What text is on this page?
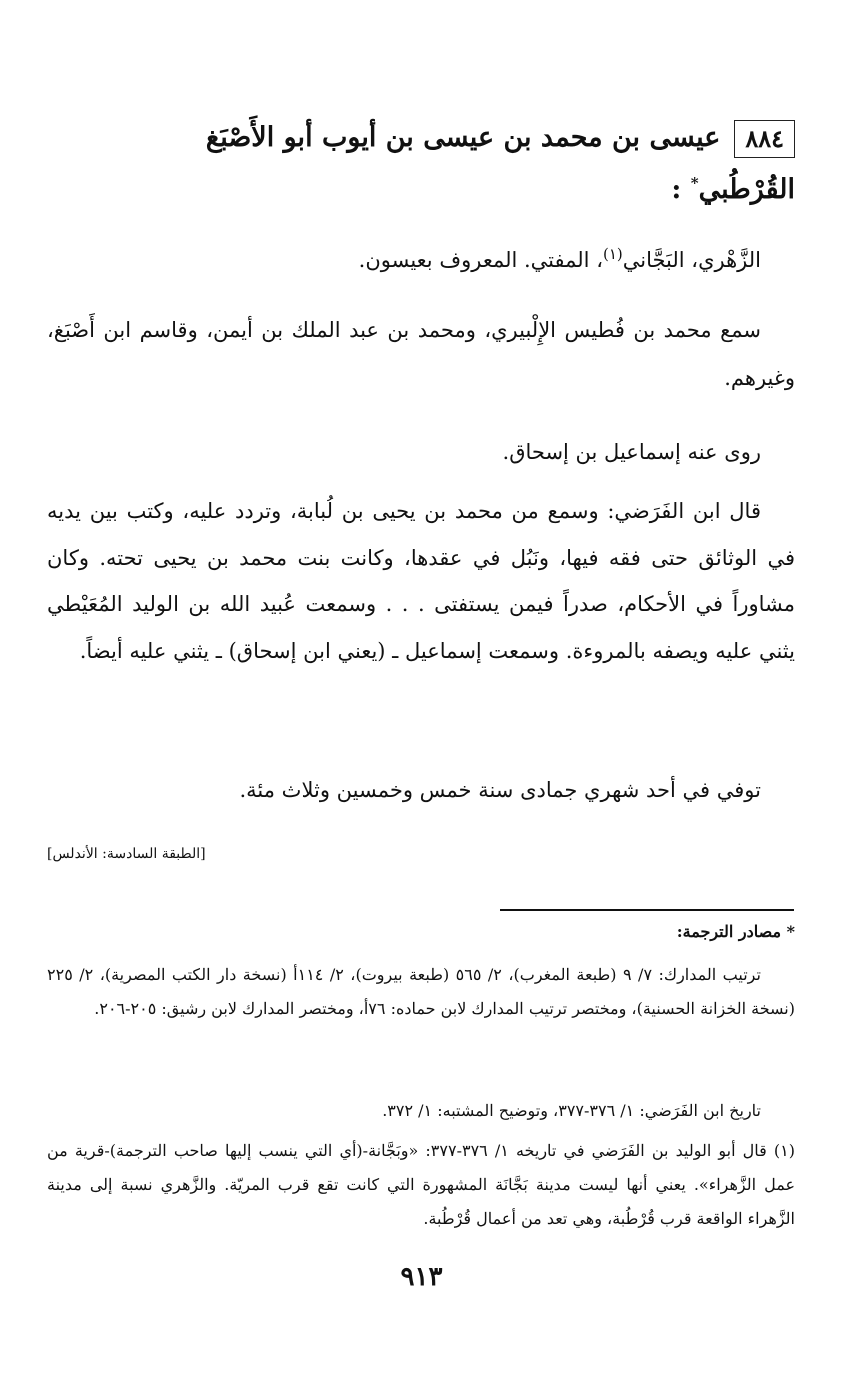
٨٨٤عيسى بن محمد بن عيسى بن أيوب أبو الأَصْبَغ
القُرْطُبي* :
الزَّهْري، البَجَّاني$^{(١)}$، المفتي. المعروف بعيسون.
سمع محمد بن فُطيس الإِلْبيري، ومحمد بن عبد الملك بن أيمن، وقاسم ابن أَصْبَغ، وغيرهم.
روى عنه إسماعيل بن إسحاق.
قال ابن الفَرَضي: وسمع من محمد بن يحيى بن لُبابة، وتردد عليه، وكتب بين يديه في الوثائق حتى فقه فيها، ونَبُل في عقدها، وكانت بنت محمد بن يحيى تحته. وكان مشاوراً في الأحكام، صدراً فيمن يستفتى . . . وسمعت عُبيد الله بن الوليد المُعَيْطي يثني عليه ويصفه بالمروءة. وسمعت إسماعيل ـ (يعني ابن إسحاق) ـ يثني عليه أيضاً.
توفي في أحد شهري جمادى سنة خمس وخمسين وثلاث مئة.
[الطبقة السادسة: الأندلس]
* مصادر الترجمة:
ترتيب المدارك: ٧/ ٩ (طبعة المغرب)، ٢/ ٥٦٥ (طبعة بيروت)، ٢/ ١١٤أ (نسخة دار الكتب المصرية)، ٢/ ٢٢٥ (نسخة الخزانة الحسنية)، ومختصر ترتيب المدارك لابن حماده: ٧٦أ، ومختصر المدارك لابن رشيق: ٢٠٥-٢٠٦.
تاريخ ابن الفَرَضي: ١/ ٣٧٦-٣٧٧، وتوضيح المشتبه: ١/ ٣٧٢.
(١) قال أبو الوليد بن الفَرَضي في تاريخه ١/ ٣٧٦-٣٧٧: «وبَجَّانة-(أي التي ينسب إليها صاحب الترجمة)-قرية من عمل الزَّهراء». يعني أنها ليست مدينة بَجَّانَة المشهورة التي كانت تقع قرب المريّة. والزَّهري نسبة إلى مدينة الزَّهراء الواقعة قرب قُرْطُبة، وهي تعد من أعمال قُرْطُبة.
٩١٣
